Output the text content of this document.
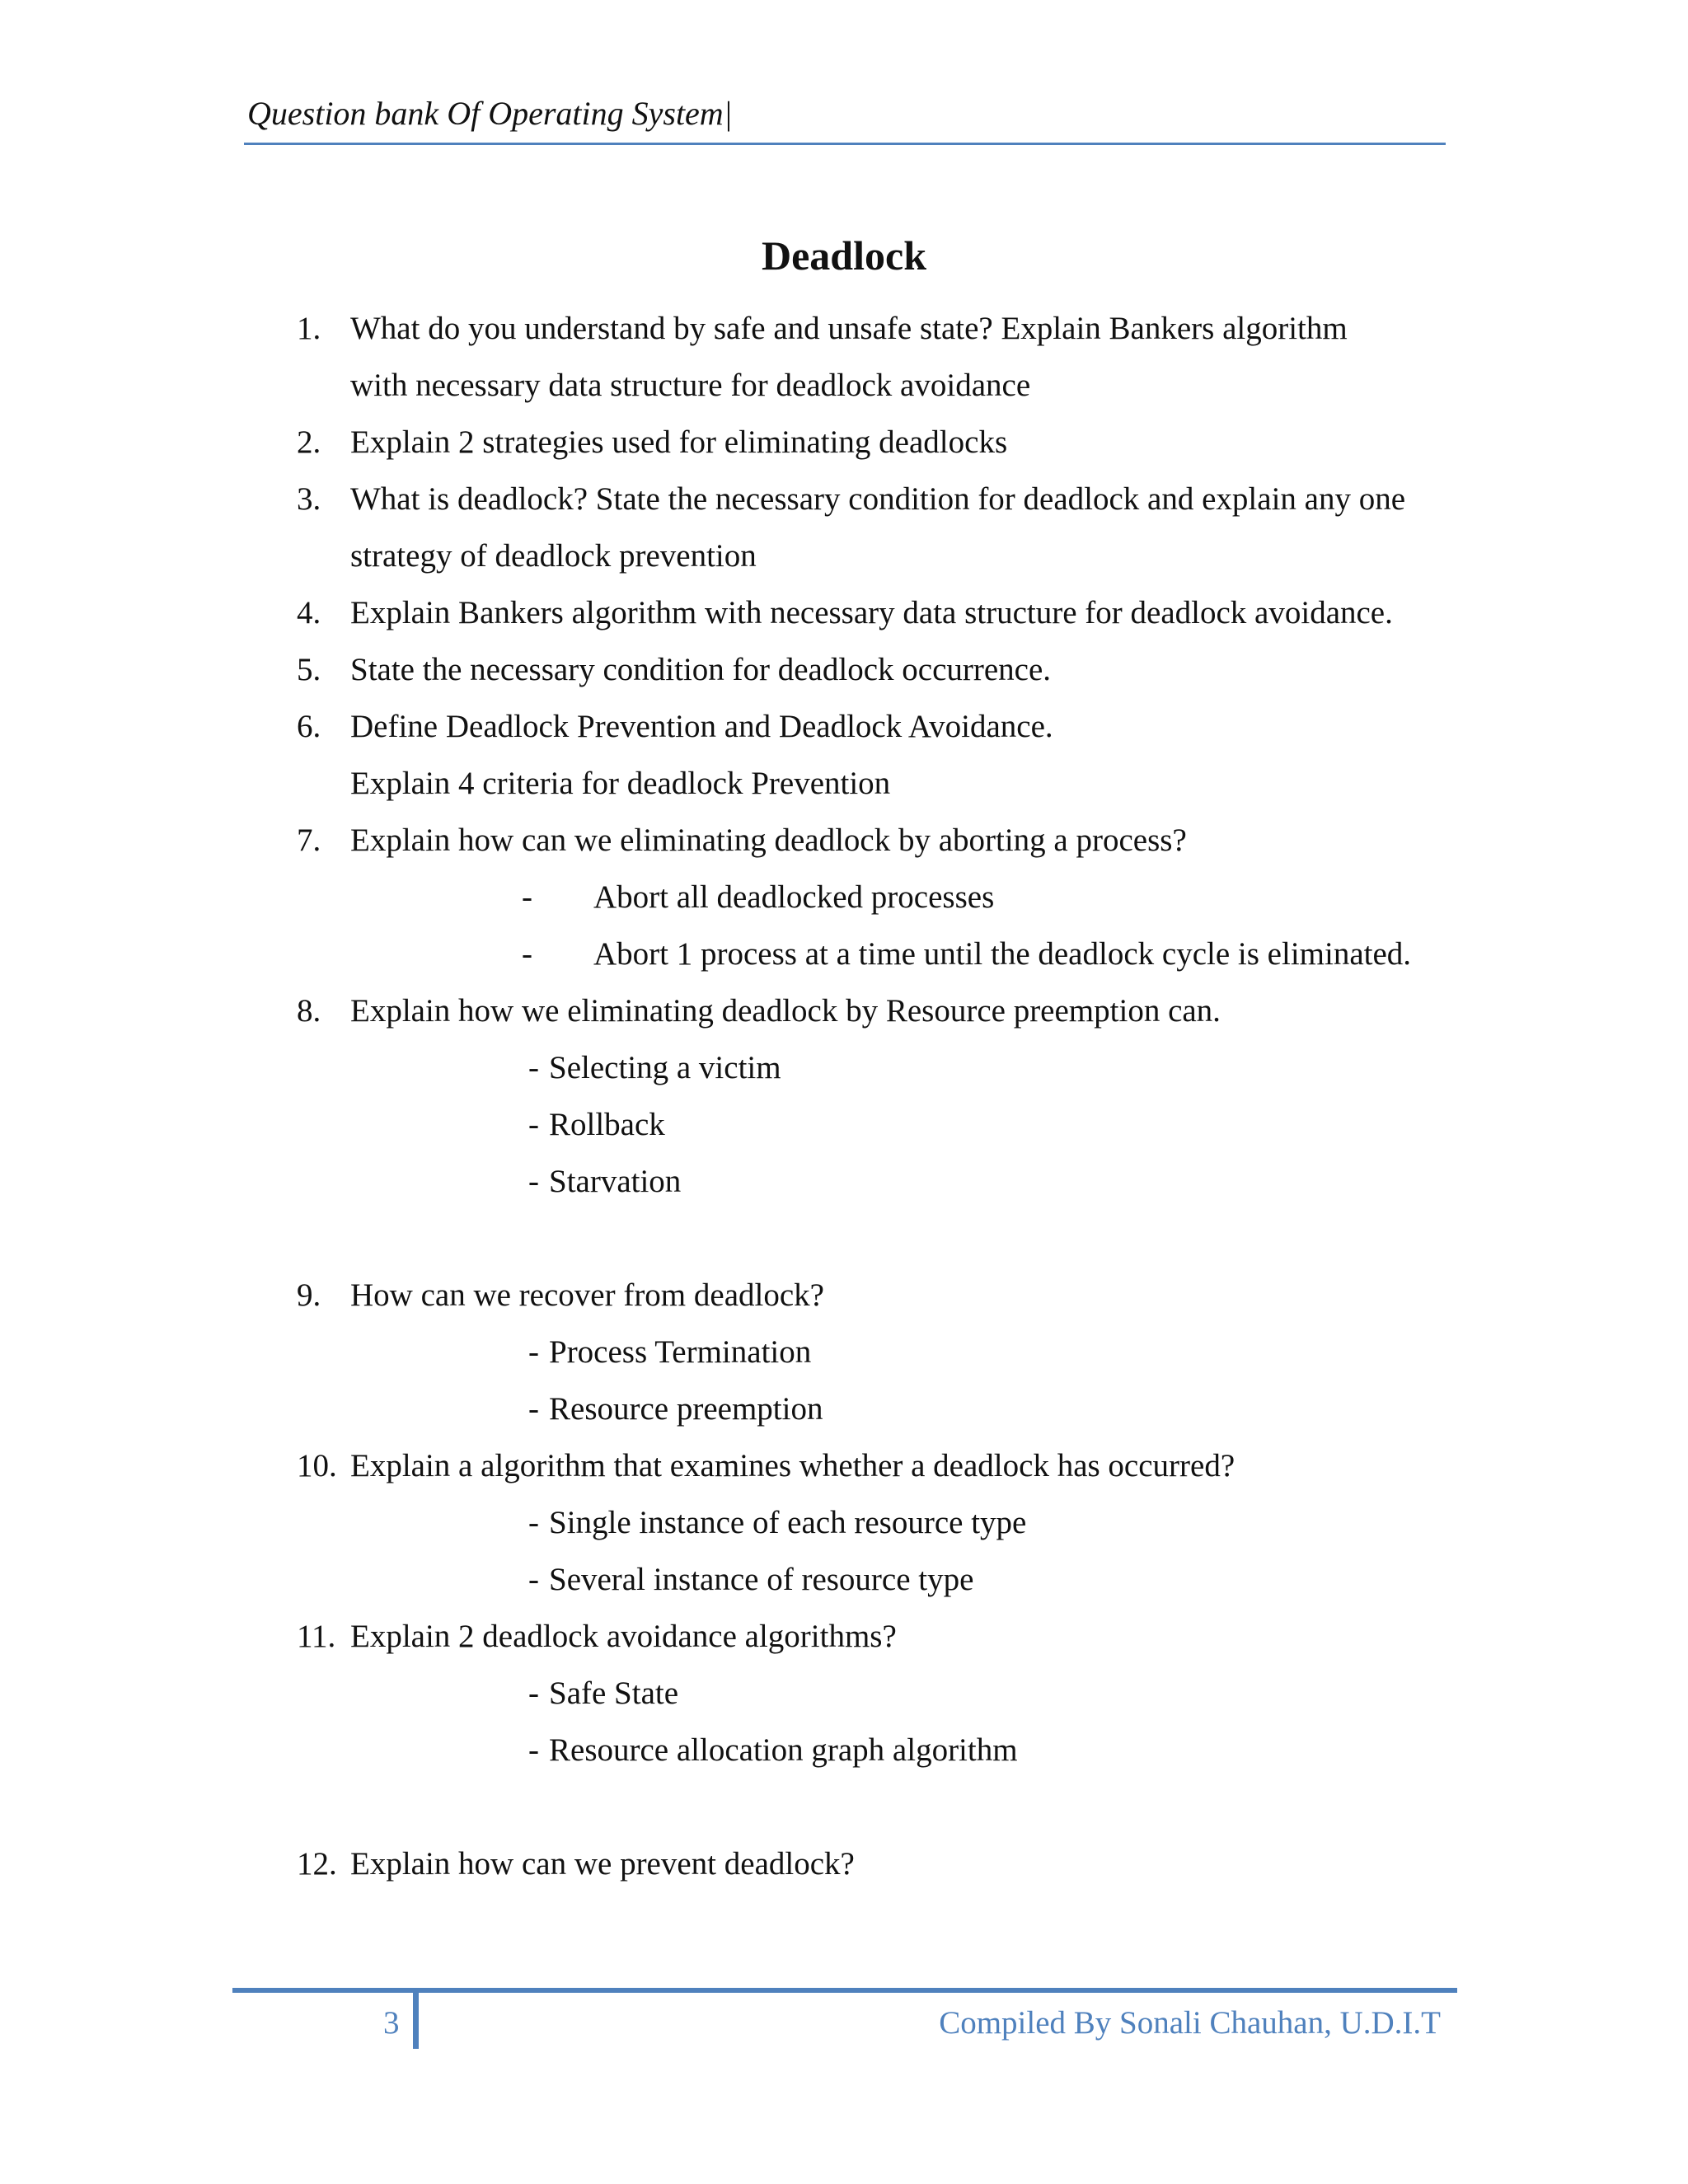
Question bank Of Operating System|
Deadlock
1. What do you understand by safe and unsafe state? Explain Bankers algorithm
with necessary data structure for deadlock avoidance
2. Explain 2 strategies used for eliminating deadlocks
3. What is deadlock? State the necessary condition for deadlock and explain any one
strategy of deadlock prevention
4. Explain Bankers algorithm with necessary data structure for deadlock avoidance.
5. State the necessary condition for deadlock occurrence.
6. Define Deadlock Prevention and Deadlock Avoidance.
Explain 4 criteria for deadlock Prevention
7. Explain how can we eliminating deadlock by aborting a process?
- Abort all deadlocked processes
- Abort 1 process at a time until the deadlock cycle is eliminated.
8. Explain how we eliminating deadlock by Resource preemption can.
- Selecting a victim
- Rollback
- Starvation
9. How can we recover from deadlock?
- Process Termination
- Resource preemption
10. Explain a algorithm that examines whether a deadlock has occurred?
- Single instance of each resource type
- Several instance of resource type
11. Explain 2 deadlock avoidance algorithms?
- Safe State
- Resource allocation graph algorithm
12. Explain how can we prevent deadlock?
3	Compiled By Sonali Chauhan, U.D.I.T
